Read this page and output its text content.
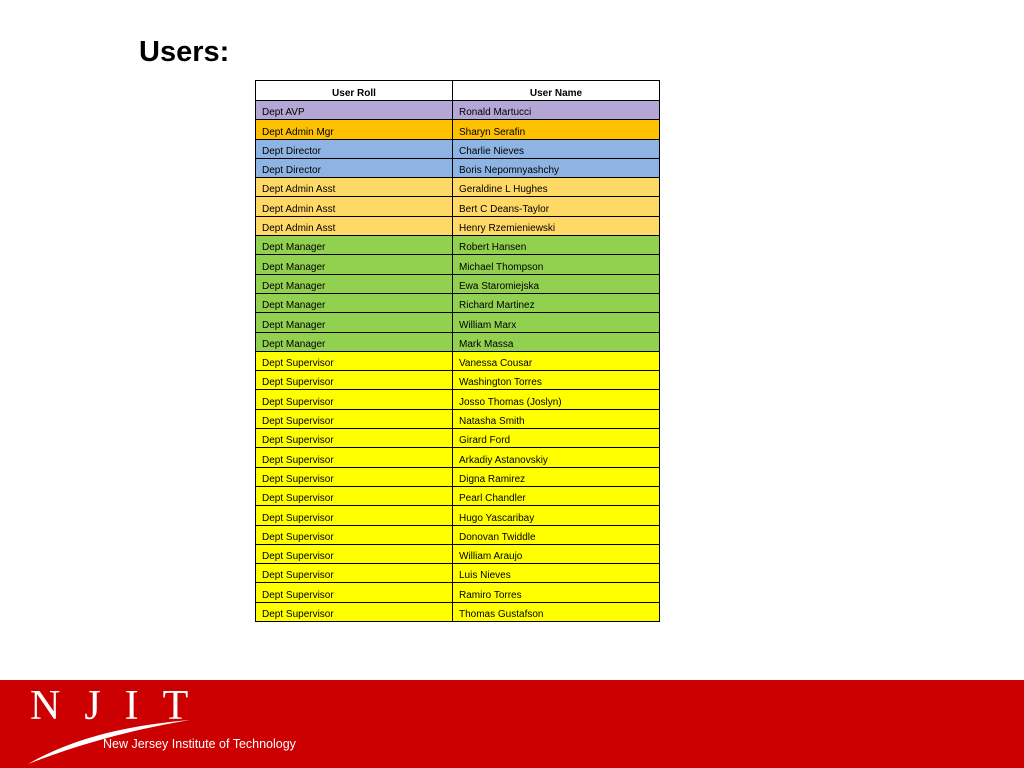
Users:
User Roll	User Name
Dept AVP	Ronald Martucci
Dept Admin Mgr	Sharyn Serafin
Dept Director	Charlie Nieves
Dept Director	Boris Nepomnyashchy
Dept Admin Asst	Geraldine L Hughes
Dept Admin Asst	Bert C Deans-Taylor
Dept Admin Asst	Henry Rzemieniewski
Dept Manager	Robert Hansen
Dept Manager	Michael Thompson
Dept Manager	Ewa Staromiejska
Dept Manager	Richard Martinez
Dept Manager	William Marx
Dept Manager	Mark Massa
Dept Supervisor	Vanessa Cousar
Dept Supervisor	Washington Torres
Dept Supervisor	Josso Thomas (Joslyn)
Dept Supervisor	Natasha Smith
Dept Supervisor	Girard Ford
Dept Supervisor	Arkadiy Astanovskiy
Dept Supervisor	Digna Ramirez
Dept Supervisor	Pearl Chandler
Dept Supervisor	Hugo Yascaribay
Dept Supervisor	Donovan Twiddle
Dept Supervisor	William Araujo
Dept Supervisor	Luis Nieves
Dept Supervisor	Ramiro Torres
Dept Supervisor	Thomas Gustafson
NJIT
New Jersey Institute of Technology
